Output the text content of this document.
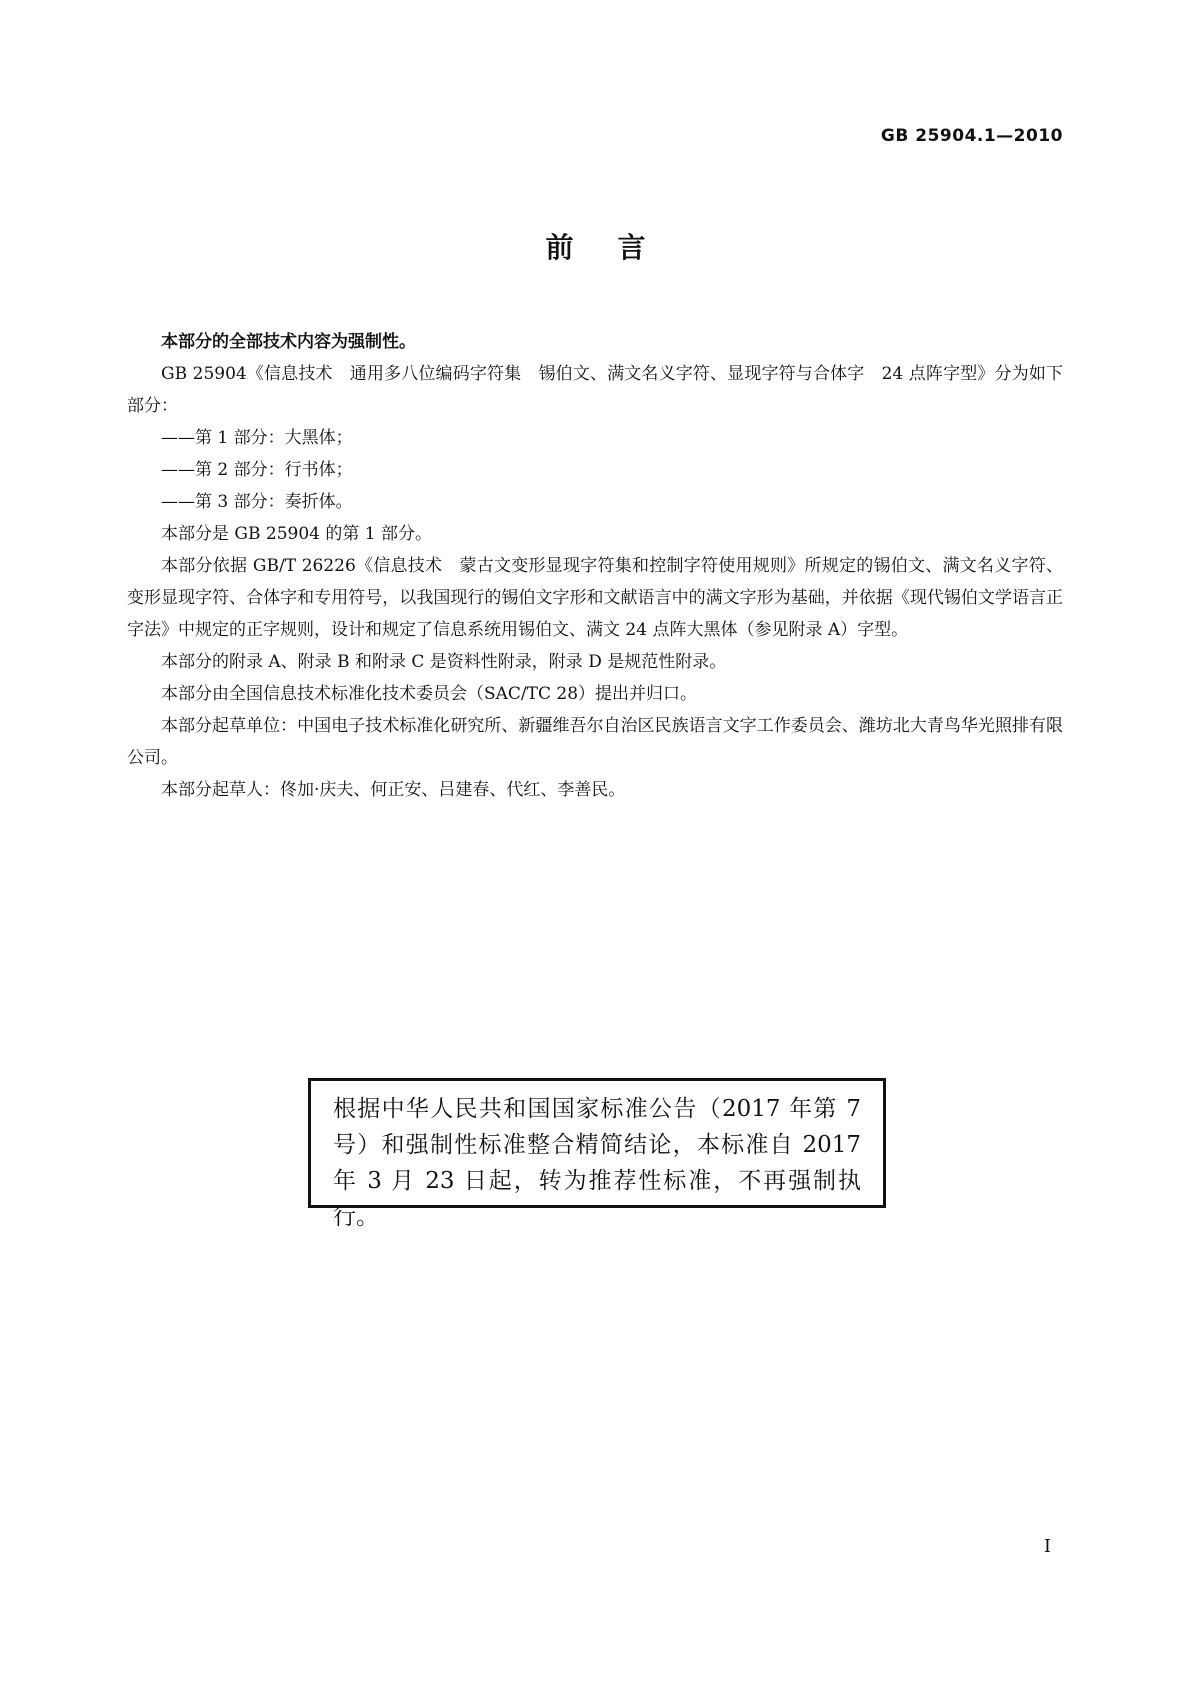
GB 25904.1—2010
前言

本部分的全部技术内容为强制性。

GB 25904《信息技术　通用多八位编码字符集　锡伯文、满文名义字符、显现字符与合体字　24 点阵字型》分为如下部分：

——第 1 部分：大黑体；

——第 2 部分：行书体；

——第 3 部分：奏折体。

本部分是 GB 25904 的第 1 部分。

本部分依据 GB/T 26226《信息技术　蒙古文变形显现字符集和控制字符使用规则》所规定的锡伯文、满文名义字符、变形显现字符、合体字和专用符号，以我国现行的锡伯文字形和文献语言中的满文字形为基础，并依据《现代锡伯文学语言正字法》中规定的正字规则，设计和规定了信息系统用锡伯文、满文 24 点阵大黑体（参见附录 A）字型。

本部分的附录 A、附录 B 和附录 C 是资料性附录，附录 D 是规范性附录。

本部分由全国信息技术标准化技术委员会（SAC/TC 28）提出并归口。

本部分起草单位：中国电子技术标准化研究所、新疆维吾尔自治区民族语言文字工作委员会、潍坊北大青鸟华光照排有限公司。

本部分起草人：佟加·庆夫、何正安、吕建春、代红、李善民。

根据中华人民共和国国家标准公告（2017 年第 7 号）和强制性标准整合精简结论，本标准自 2017 年 3 月 23 日起，转为推荐性标准，不再强制执行。
I
